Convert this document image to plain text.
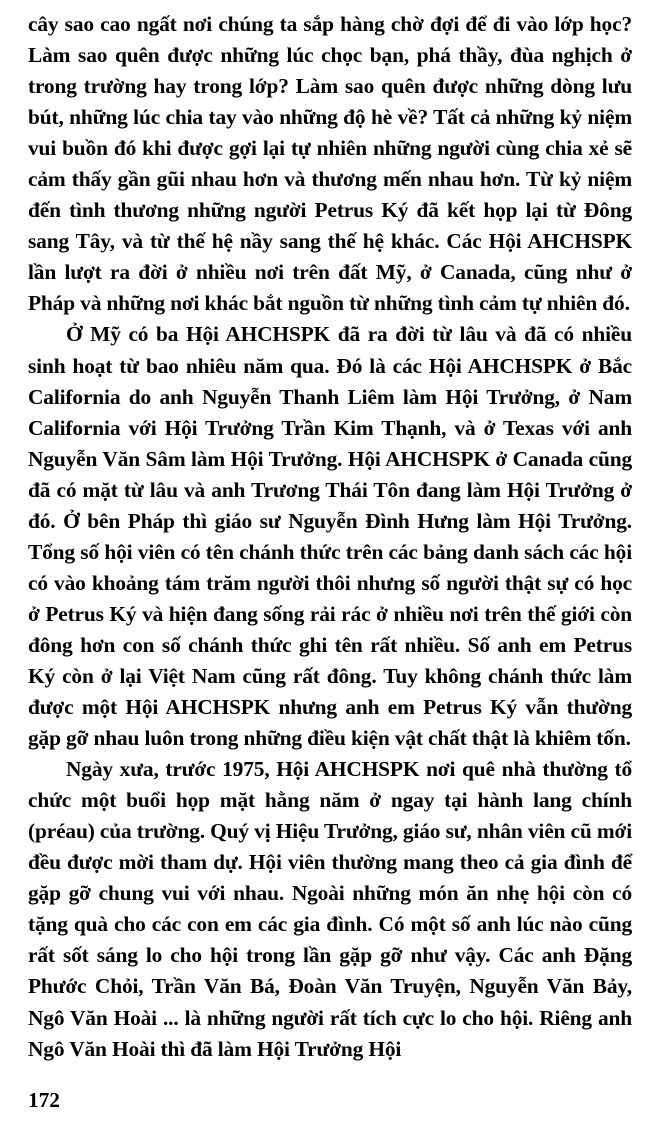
cây sao cao ngất nơi chúng ta sắp hàng chờ đợi để đi vào lớp học? Làm sao quên được những lúc chọc bạn, phá thầy, đùa nghịch ở trong trường hay trong lớp? Làm sao quên được những dòng lưu bút, những lúc chia tay vào những độ hè về? Tất cả những kỷ niệm vui buồn đó khi được gợi lại tự nhiên những người cùng chia xẻ sẽ cảm thấy gần gũi nhau hơn và thương mến nhau hơn. Từ kỷ niệm đến tình thương những người Petrus Ký đã kết họp lại từ Đông sang Tây, và từ thế hệ nầy sang thế hệ khác. Các Hội AHCHSPK lần lượt ra đời ở nhiều nơi trên đất Mỹ, ở Canada, cũng như ở Pháp và những nơi khác bắt nguồn từ những tình cảm tự nhiên đó.

Ở Mỹ có ba Hội AHCHSPK đã ra đời từ lâu và đã có nhiều sinh hoạt từ bao nhiêu năm qua. Đó là các Hội AHCHSPK ở Bắc California do anh Nguyễn Thanh Liêm làm Hội Trưởng, ở Nam California với Hội Trưởng Trần Kim Thạnh, và ở Texas với anh Nguyễn Văn Sâm làm Hội Trưởng. Hội AHCHSPK ở Canada cũng đã có mặt từ lâu và anh Trương Thái Tôn đang làm Hội Trưởng ở đó. Ở bên Pháp thì giáo sư Nguyễn Đình Hưng làm Hội Trưởng. Tổng số hội viên có tên chánh thức trên các bảng danh sách các hội có vào khoảng tám trăm người thôi nhưng số người thật sự có học ở Petrus Ký và hiện đang sống rải rác ở nhiều nơi trên thế giới còn đông hơn con số chánh thức ghi tên rất nhiều. Số anh em Petrus Ký còn ở lại Việt Nam cũng rất đông. Tuy không chánh thức làm được một Hội AHCHSPK nhưng anh em Petrus Ký vẫn thường gặp gỡ nhau luôn trong những điều kiện vật chất thật là khiêm tốn.

Ngày xưa, trước 1975, Hội AHCHSPK nơi quê nhà thường tổ chức một buổi họp mặt hằng năm ở ngay tại hành lang chính (préau) của trường. Quý vị Hiệu Trưởng, giáo sư, nhân viên cũ mới đều được mời tham dự. Hội viên thường mang theo cả gia đình để gặp gỡ chung vui với nhau. Ngoài những món ăn nhẹ hội còn có tặng quà cho các con em các gia đình. Có một số anh lúc nào cũng rất sốt sáng lo cho hội trong lần gặp gỡ như vậy. Các anh Đặng Phước Chỏi, Trần Văn Bá, Đoàn Văn Truyện, Nguyễn Văn Bảy, Ngô Văn Hoài ... là những người rất tích cực lo cho hội. Riêng anh Ngô Văn Hoài thì đã làm Hội Trưởng Hội

172
